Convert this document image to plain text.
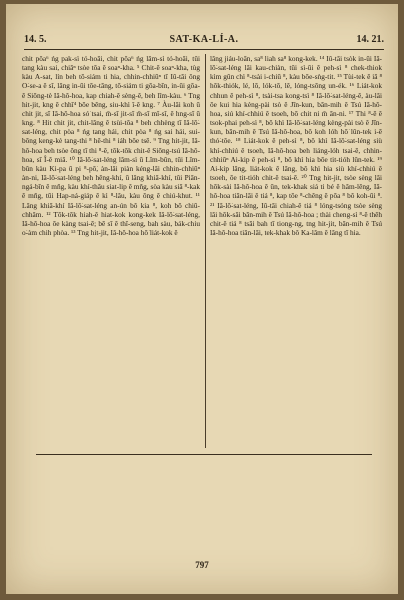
14. 5.	SAT-KA-LÍ-A.	14. 21.

chit pôa⁶ ńg pak-sì tó-hoāi, chit pôa⁶ ńg lâm-sì tó-hoāi, tûi tang kàu sai, chiâⁿ tsòe tōa ê soaⁿ-kha. ⁵ Chit-ê soaⁿ-kha, tùg kàu A-sat, lín beh tō-siám ti hia, chhin-chhiūⁿ tī Iû-tāi ông O͘-se-a ê sî, lâng in-ūi tōe-tāng, tō-siám ti gōa-bīn, in-ūi gōa-ê Siōng-tè Iâ-hô-hoa, kap chiah-ê sèng-ê, beh lîm-kàu. ⁶ Tng hit-jit, kng ê chhī⁴ bōe bêng, siu-khì î-ê kng. ⁷ Àu-lâi koh ū chit jit, sī Iâ-hô-hoa só͘ tsai, m̄-sī jit-sī m̄-sī mî-sî, ê hng-sī ū kng. ⁸ Hit chit jit, chit-lâng ê tsùi-tōa ⁸ beh chhèng tī Iâ-lō͘-sat-léng, chit pòa ⁸ ńg tang hái, chit pòa ⁸ ńg sai hái, sui-bōng keng-kè tang-thi ⁸ hê-thi ⁸ iáh bōe tsē. ⁹ Tng hit-jit, Iâ-hô-hoa beh tsòe ông tī thi ⁸-ê, tōk-tōk chit-ê Siōng-tsú Iâ-hô-hoa, sī Î-ê miâ. ¹⁰ Iâ-lō͘-sat-léng lâm-sì ū Lîm-bûn, tūi Lîm-bûn kàu Ki-pa ū pi ⁸-pō͘, àn-lâi piàn kéng-lâi chhin-chhiūⁿ àn-ni, Iâ-lō͘-sat-léng beh hêng-khí, ū lâng khiā-khí, tûi Piān-ngá-bīn ê mn̂g, kàu khí-thâu siat-lip ê mn̂g, sòa kàu siā ⁸-kak ê mn̂g, tūi Hap-ná-giáp ê kì ⁸-lâu, kàu ông ê chiú-khut. ¹¹ Lâng khiā-khí Iâ-lō͘-sat-léng an-ún bô kia ⁸, koh bô chiū-chhâm. ¹² Tōk-tōk hiah-ê hiat-kok kong-kek Iâ-lō͘-sat-léng, Iâ-hô-hoa ōe kàng tsai-ē; bē sī ê thî-seng, bah sàu, bák-chiu o͘-àm chih phòa. ¹³ Tng hit-jit, Iâ-hô-hoa hō͘ liát-kok ê

lâng jiáu-loān, sa⁸ liah sa⁸ kong-kek. ¹⁴ Iû-tāi tsòk in-ūi Iâ-lō͘-sat-léng lâi kau-chiàn, tûi sì-ūi ê peh-sì ⁸ chek-thiok kìm gûn chì ⁸-tsài i-chiū ⁸, kàu bōe-sǹg-tit. ¹⁵ Tùi-tek ê iâ ⁸ hōk-thiók, lé, lō, lók-tō, lê, lóng-tsōng un-ék. ¹⁶ Liát-kok chhun ê peh-sì ⁸, tsài-tsa kong-tsì ⁸ Iâ-lō͘-sat-léng-ê, àu-lâi ōe kui hia kèng-pài tsò ê Jīn-kun, bān-mih ê Tsú Iâ-hô-hoa, siú khí-chhiú ê tsoeh, bō chit ni m̄ ān-ni. ¹⁷ Thi ⁸-ē ê tsok-phai peh-sì ⁸, bô khì Iâ-lō͘-sat-léng kèng-pài tsò ê Jīn-kun, bān-mih ê Tsú Iâ-hô-hoa, bô koh lóh hō͘ lûn-tek i-ē thó͘-tōe. ¹⁸ Liát-kok ê peh-sì ⁸, bô khì Iâ-lō͘-sat-léng siù khí-chhiú ê tsoeh, Iâ-hô-hoa beh liáng-lóh tsai-ē, chhin-chhiūⁿ Ai-kip ê peh-sì ⁸, bô khì hia bōe tit-tióh lûn-tek. ¹⁹ Ai-kip lâng, liát-kok ê lâng, bô khì hia siù khí-chhiú ê tsoeh, ōe tit-tióh chit-ê tsai-ē. ²⁰ Tng hit-jit, tsòe sèng lâi hōk-sài Iâ-hô-hoa ê ūn, tek-khak siá ti bé ê hâm-lêng, Iâ-hô-hoa tiān-lāi ê tiá ⁸, kap tōe ⁸-chêng ê pōa ⁸ bô koh-ūi ⁸. ²¹ Iâ-lō͘-sat-léng, Iû-tāi chiah-ê tiá ⁸ lóng-tsóng tsòe sèng lâi hōk-sāi bān-mih ê Tsú Iâ-hô-hoa ; thài cheng-sì ⁸-ê thêh chit-ê tiá ⁸ tsāi bah tī tiong-ng, tng hit-jit, bān-mih ê Tsú Iâ-hô-hoa tiān-lāi, tek-khak bô Ka-lâm ê lâng tī hia.

797
